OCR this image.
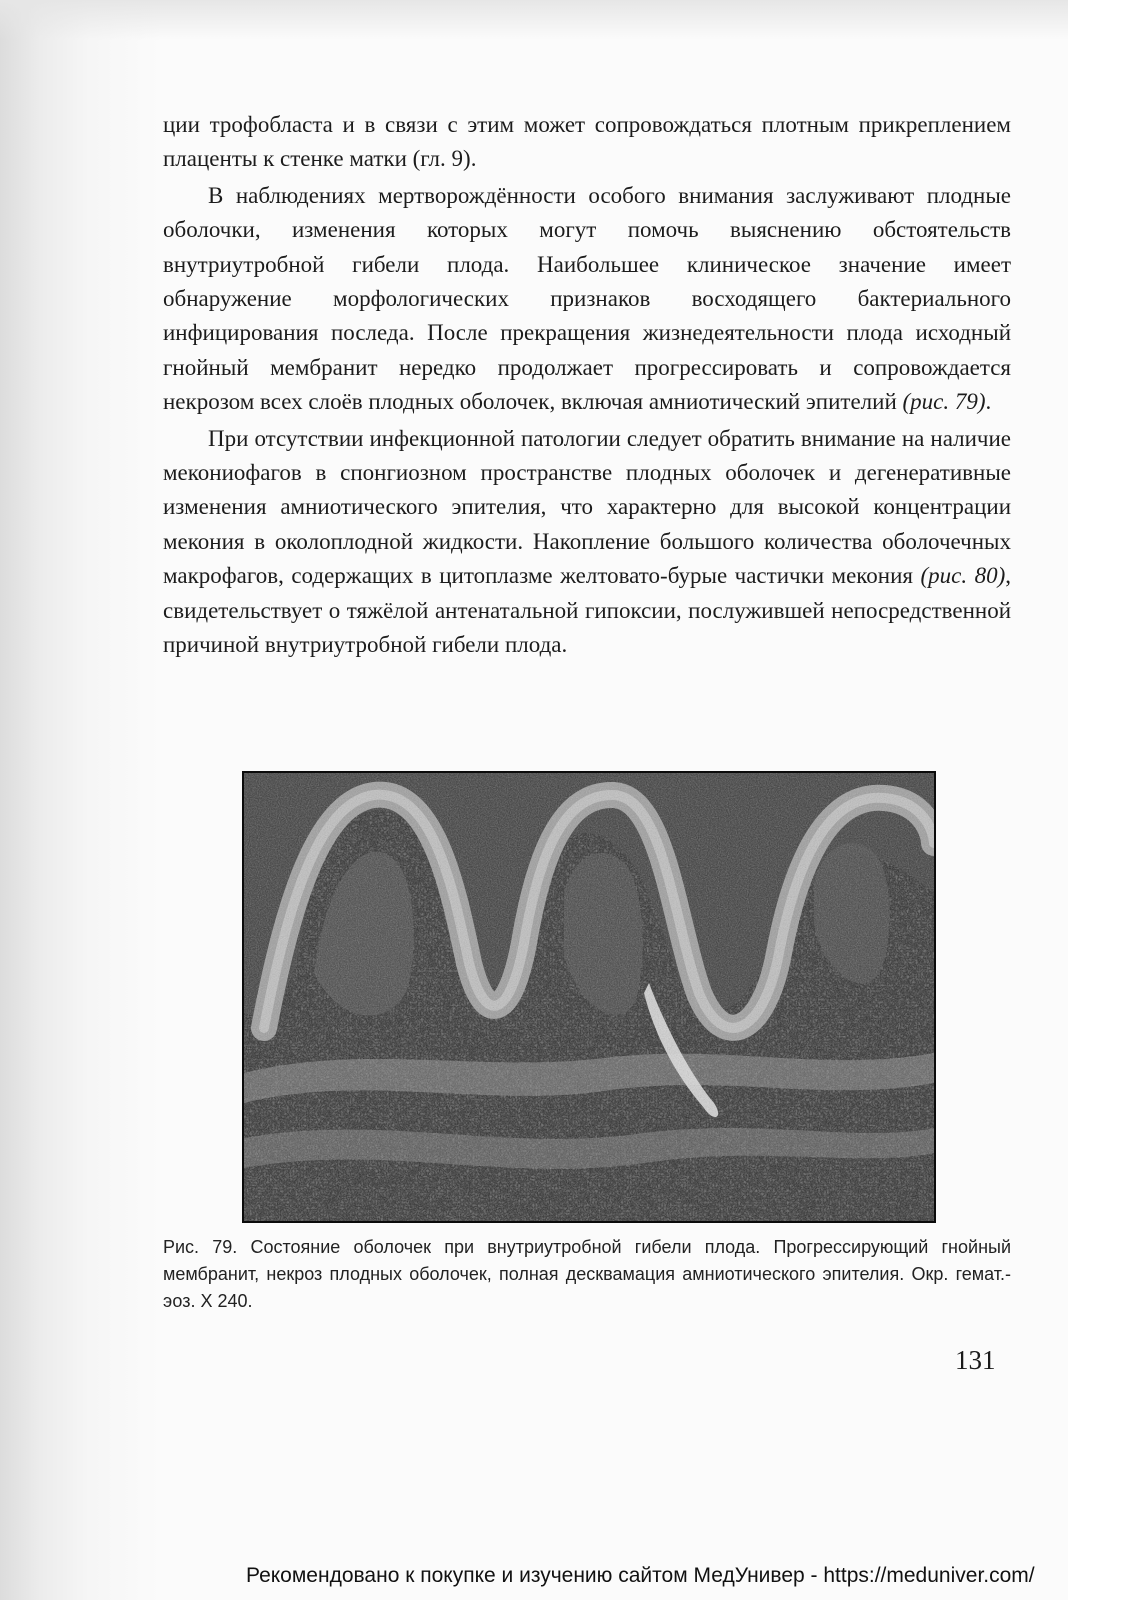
ции трофобласта и в связи с этим может сопровождаться плотным прикреплением плаценты к стенке матки (гл. 9).

В наблюдениях мертворождённости особого внимания заслуживают плодные оболочки, изменения которых могут помочь выяснению обстоятельств внутриутробной гибели плода. Наибольшее клиническое значение имеет обнаружение морфологических признаков восходящего бактериального инфицирования последа. После прекращения жизнедеятельности плода исходный гнойный мембранит нередко продолжает прогрессировать и сопровождается некрозом всех слоёв плодных оболочек, включая амниотический эпителий (рис. 79).

При отсутствии инфекционной патологии следует обратить внимание на наличие мекониофагов в спонгиозном пространстве плодных оболочек и дегенеративные изменения амниотического эпителия, что характерно для высокой концентрации мекония в околоплодной жидкости. Накопление большого количества оболочечных макрофагов, содержащих в цитоплазме желтовато-бурые частички мекония (рис. 80), свидетельствует о тяжёлой антенатальной гипоксии, послужившей непосредственной причиной внутриутробной гибели плода.

Рис. 79. Состояние оболочек при внутриутробной гибели плода. Прогрессирующий гнойный мембранит, некроз плодных оболочек, полная десквамация амниотического эпителия. Окр. гемат.-эоз. Х 240.
131
Рекомендовано к покупке и изучению сайтом МедУнивер - https://meduniver.com/
